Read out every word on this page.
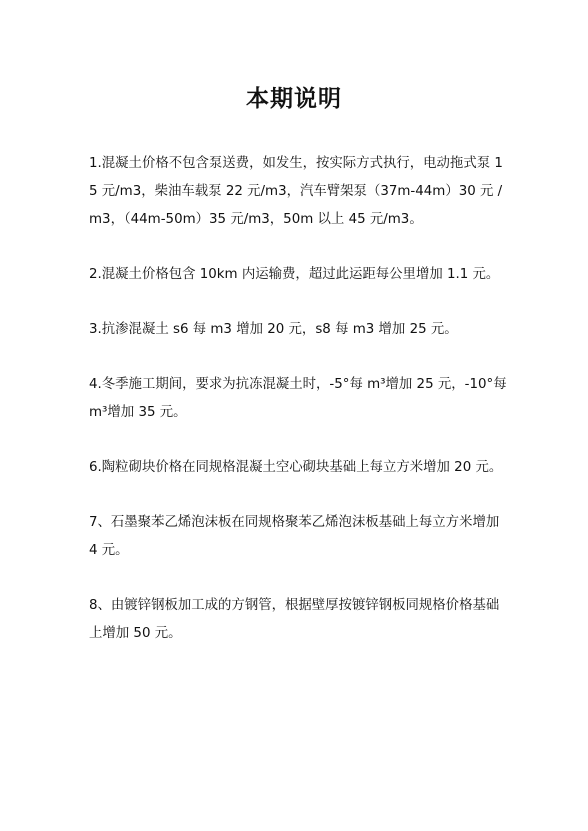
本期说明

1.混凝土价格不包含泵送费，如发生，按实际方式执行，电动拖式泵 15 元/m3，柴油车载泵 22 元/m3，汽车臂架泵（37m-44m）30 元 /m3，（44m-50m）35 元/m3，50m 以上 45 元/m3。

2.混凝土价格包含 10km 内运输费，超过此运距每公里增加 1.1 元。

3.抗渗混凝土 s6 每 m3 增加 20 元，s8 每 m3 增加 25 元。

4.冬季施工期间，要求为抗冻混凝土时，-5°每 m³增加 25 元，-10°每 m³增加 35 元。

6.陶粒砌块价格在同规格混凝土空心砌块基础上每立方米增加 20 元。

7、石墨聚苯乙烯泡沫板在同规格聚苯乙烯泡沫板基础上每立方米增加 4 元。

8、由镀锌钢板加工成的方钢管，根据壁厚按镀锌钢板同规格价格基础上增加 50 元。
